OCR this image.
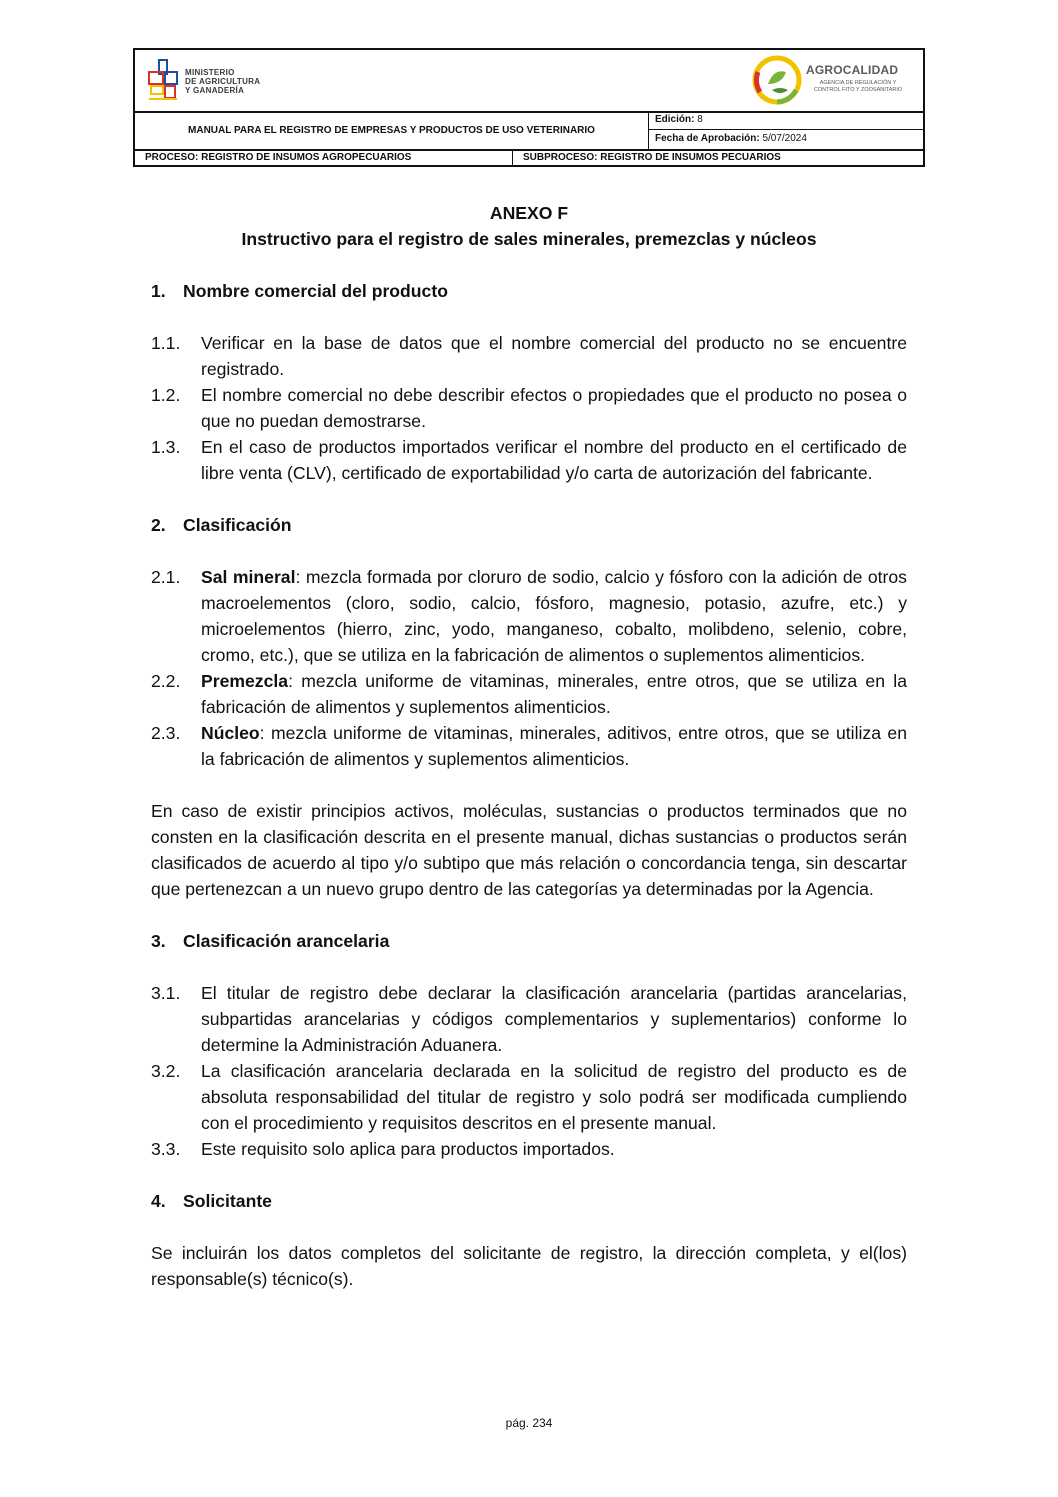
MINISTERIO
DE AGRICULTURA
Y GANADERÍA
AGROCALIDAD
AGENCIA DE REGULACIÓN Y
CONTROL FITO Y ZOOSANITARIO
MANUAL PARA EL REGISTRO DE EMPRESAS Y PRODUCTOS DE USO VETERINARIO
Edición: 8
Fecha de Aprobación: 5/07/2024
PROCESO: REGISTRO DE INSUMOS AGROPECUARIOS	SUBPROCESO: REGISTRO DE INSUMOS PECUARIOS
ANEXO F
Instructivo para el registro de sales minerales, premezclas y núcleos
1. Nombre comercial del producto
1.1. Verificar en la base de datos que el nombre comercial del producto no se encuentre registrado.
1.2. El nombre comercial no debe describir efectos o propiedades que el producto no posea o que no puedan demostrarse.
1.3. En el caso de productos importados verificar el nombre del producto en el certificado de libre venta (CLV), certificado de exportabilidad y/o carta de autorización del fabricante.
2. Clasificación
2.1. Sal mineral: mezcla formada por cloruro de sodio, calcio y fósforo con la adición de otros macroelementos (cloro, sodio, calcio, fósforo, magnesio, potasio, azufre, etc.) y microelementos (hierro, zinc, yodo, manganeso, cobalto, molibdeno, selenio, cobre, cromo, etc.), que se utiliza en la fabricación de alimentos o suplementos alimenticios.
2.2. Premezcla: mezcla uniforme de vitaminas, minerales, entre otros, que se utiliza en la fabricación de alimentos y suplementos alimenticios.
2.3. Núcleo: mezcla uniforme de vitaminas, minerales, aditivos, entre otros, que se utiliza en la fabricación de alimentos y suplementos alimenticios.
En caso de existir principios activos, moléculas, sustancias o productos terminados que no consten en la clasificación descrita en el presente manual, dichas sustancias o productos serán clasificados de acuerdo al tipo y/o subtipo que más relación o concordancia tenga, sin descartar que pertenezcan a un nuevo grupo dentro de las categorías ya determinadas por la Agencia.
3. Clasificación arancelaria
3.1. El titular de registro debe declarar la clasificación arancelaria (partidas arancelarias, subpartidas arancelarias y códigos complementarios y suplementarios) conforme lo determine la Administración Aduanera.
3.2. La clasificación arancelaria declarada en la solicitud de registro del producto es de absoluta responsabilidad del titular de registro y solo podrá ser modificada cumpliendo con el procedimiento y requisitos descritos en el presente manual.
3.3. Este requisito solo aplica para productos importados.
4. Solicitante
Se incluirán los datos completos del solicitante de registro, la dirección completa, y el(los) responsable(s) técnico(s).
pág. 234
